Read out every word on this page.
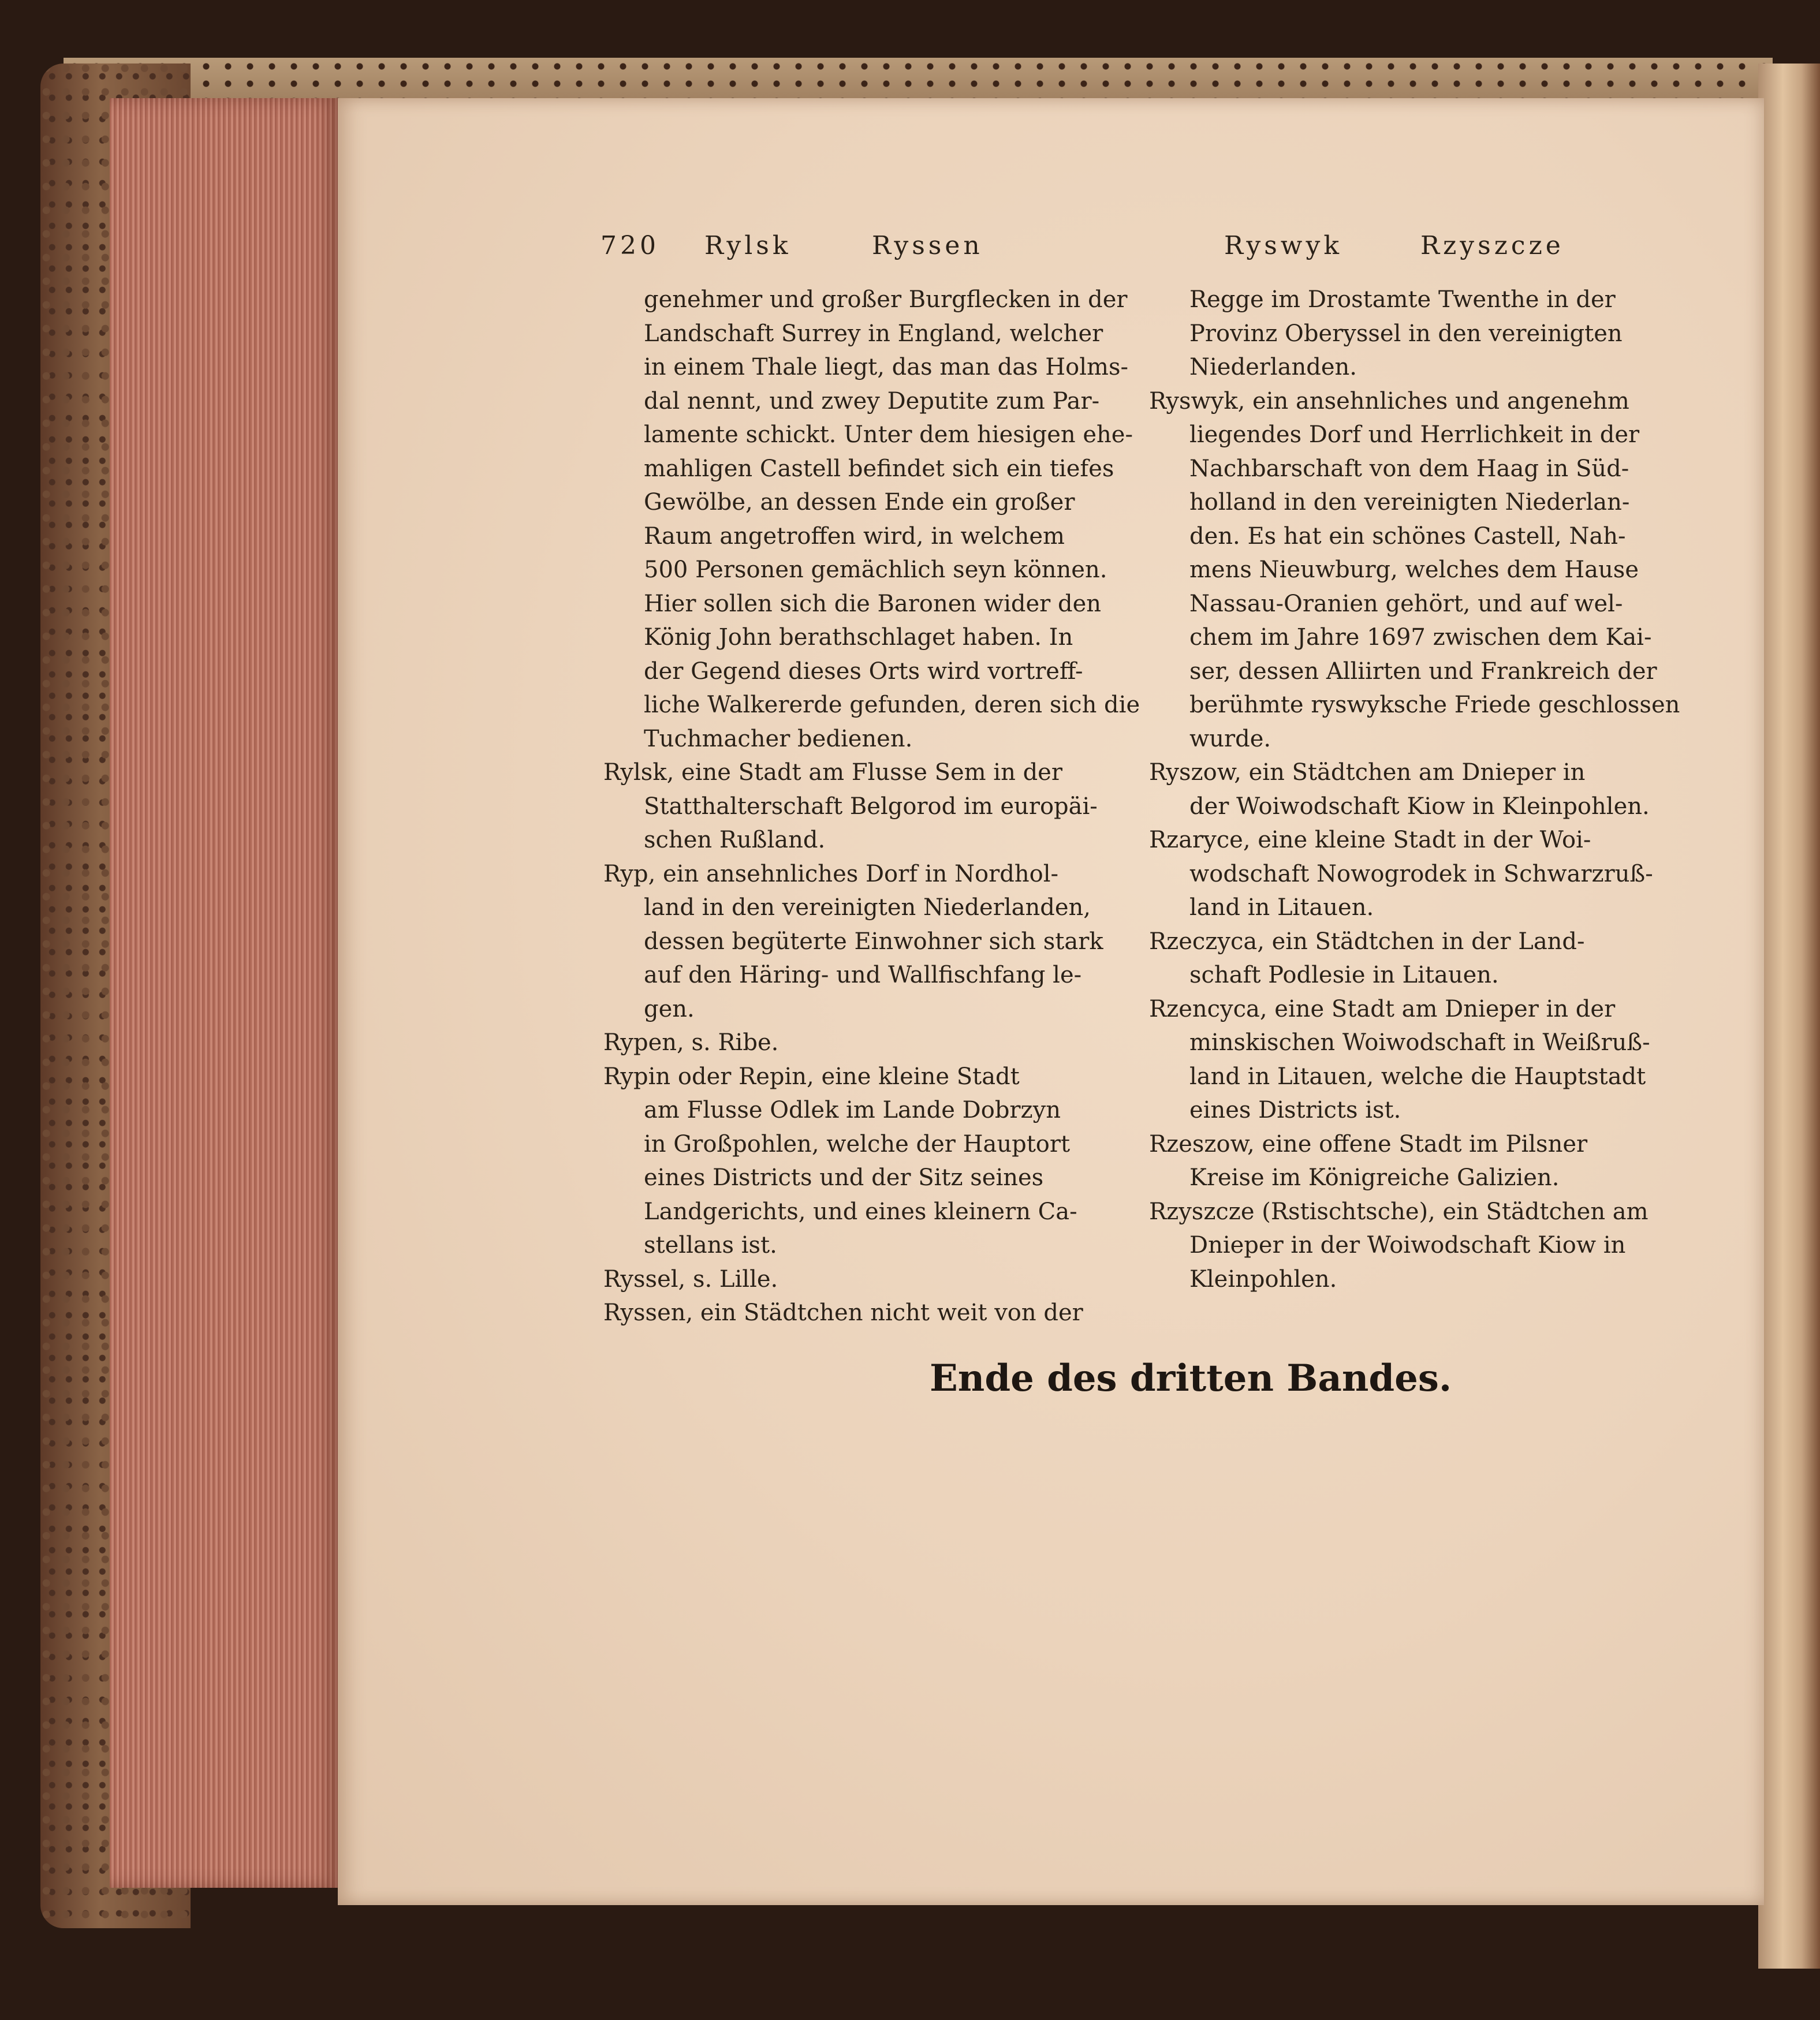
720 Rylsk	Ryssen	Ryswyk	Rzyszcze
genehmer und großer Burgflecken in der
Landschaft Surrey in England, welcher
in einem Thale liegt, das man das Holms-
dal nennt, und zwey Deputite zum Par-
lamente schickt. Unter dem hiesigen ehe-
mahligen Castell befindet sich ein tiefes
Gewölbe, an dessen Ende ein großer
Raum angetroffen wird, in welchem
500 Personen gemächlich seyn können.
Hier sollen sich die Baronen wider den
König John berathschlaget haben. In
der Gegend dieses Orts wird vortreff-
liche Walkererde gefunden, deren sich die
Tuchmacher bedienen.
Rylsk, eine Stadt am Flusse Sem in der
Statthalterschaft Belgorod im europäi-
schen Rußland.
Ryp, ein ansehnliches Dorf in Nordhol-
land in den vereinigten Niederlanden,
dessen begüterte Einwohner sich stark
auf den Häring- und Wallfischfang le-
gen.
Rypen, s. Ribe.
Rypin oder Repin, eine kleine Stadt
am Flusse Odlek im Lande Dobrzyn
in Großpohlen, welche der Hauptort
eines Districts und der Sitz seines
Landgerichts, und eines kleinern Ca-
stellans ist.
Ryssel, s. Lille.
Ryssen, ein Städtchen nicht weit von der
Regge im Drostamte Twenthe in der
Provinz Oberyssel in den vereinigten
Niederlanden.
Ryswyk, ein ansehnliches und angenehm
liegendes Dorf und Herrlichkeit in der
Nachbarschaft von dem Haag in Süd-
holland in den vereinigten Niederlan-
den. Es hat ein schönes Castell, Nah-
mens Nieuwburg, welches dem Hause
Nassau-Oranien gehört, und auf wel-
chem im Jahre 1697 zwischen dem Kai-
ser, dessen Alliirten und Frankreich der
berühmte ryswyksche Friede geschlossen
wurde.
Ryszow, ein Städtchen am Dnieper in
der Woiwodschaft Kiow in Kleinpohlen.
Rzaryce, eine kleine Stadt in der Woi-
wodschaft Nowogrodek in Schwarzruß-
land in Litauen.
Rzeczyca, ein Städtchen in der Land-
schaft Podlesie in Litauen.
Rzencyca, eine Stadt am Dnieper in der
minskischen Woiwodschaft in Weißruß-
land in Litauen, welche die Hauptstadt
eines Districts ist.
Rzeszow, eine offene Stadt im Pilsner
Kreise im Königreiche Galizien.
Rzyszcze (Rstischtsche), ein Städtchen am
Dnieper in der Woiwodschaft Kiow in
Kleinpohlen.
Ende des dritten Bandes.
